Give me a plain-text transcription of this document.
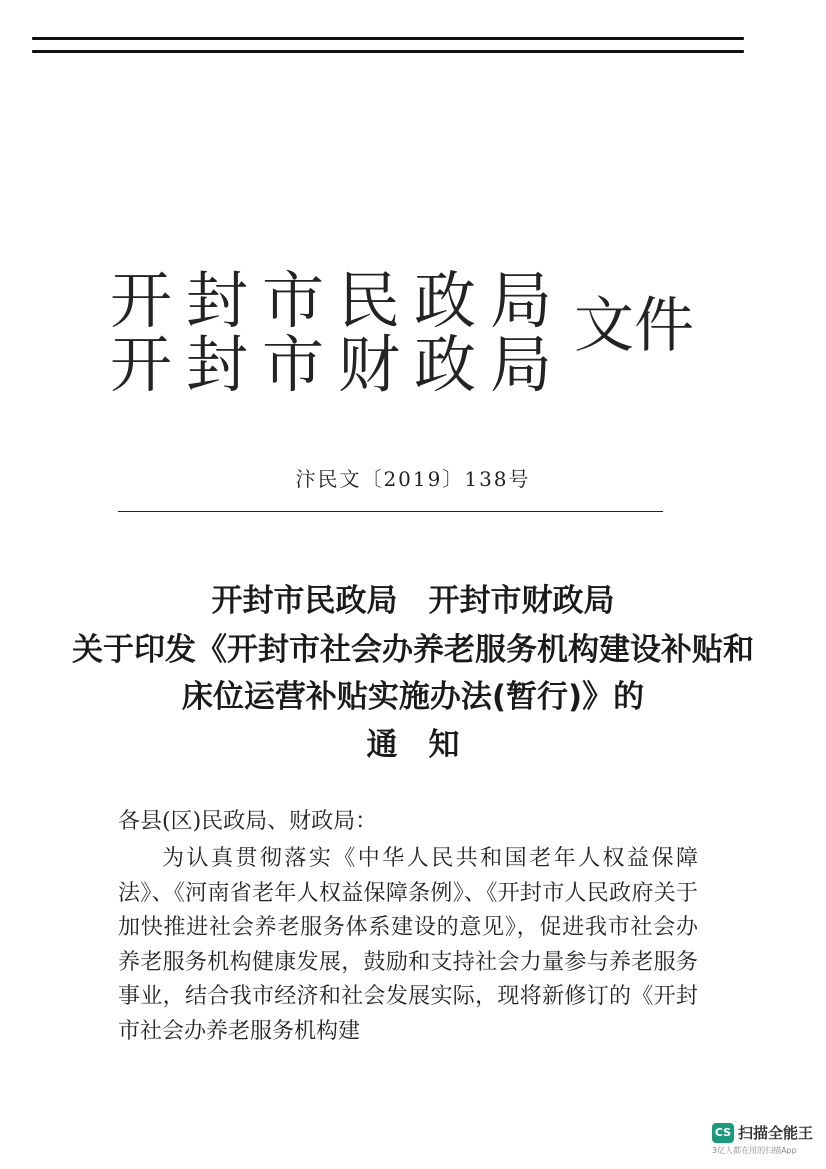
开封市民政局
开封市财政局
文件
汴民文〔2019〕138号
开封市民政局　开封市财政局
关于印发《开封市社会办养老服务机构建设补贴和
床位运营补贴实施办法(暂行)》的
通　知
各县(区)民政局、财政局：

为认真贯彻落实《中华人民共和国老年人权益保障法》、《河南省老年人权益保障条例》、《开封市人民政府关于加快推进社会养老服务体系建设的意见》，促进我市社会办养老服务机构健康发展，鼓励和支持社会力量参与养老服务事业，结合我市经济和社会发展实际，现将新修订的《开封市社会办养老服务机构建

CS 扫描全能王
3亿人都在用的扫描App
